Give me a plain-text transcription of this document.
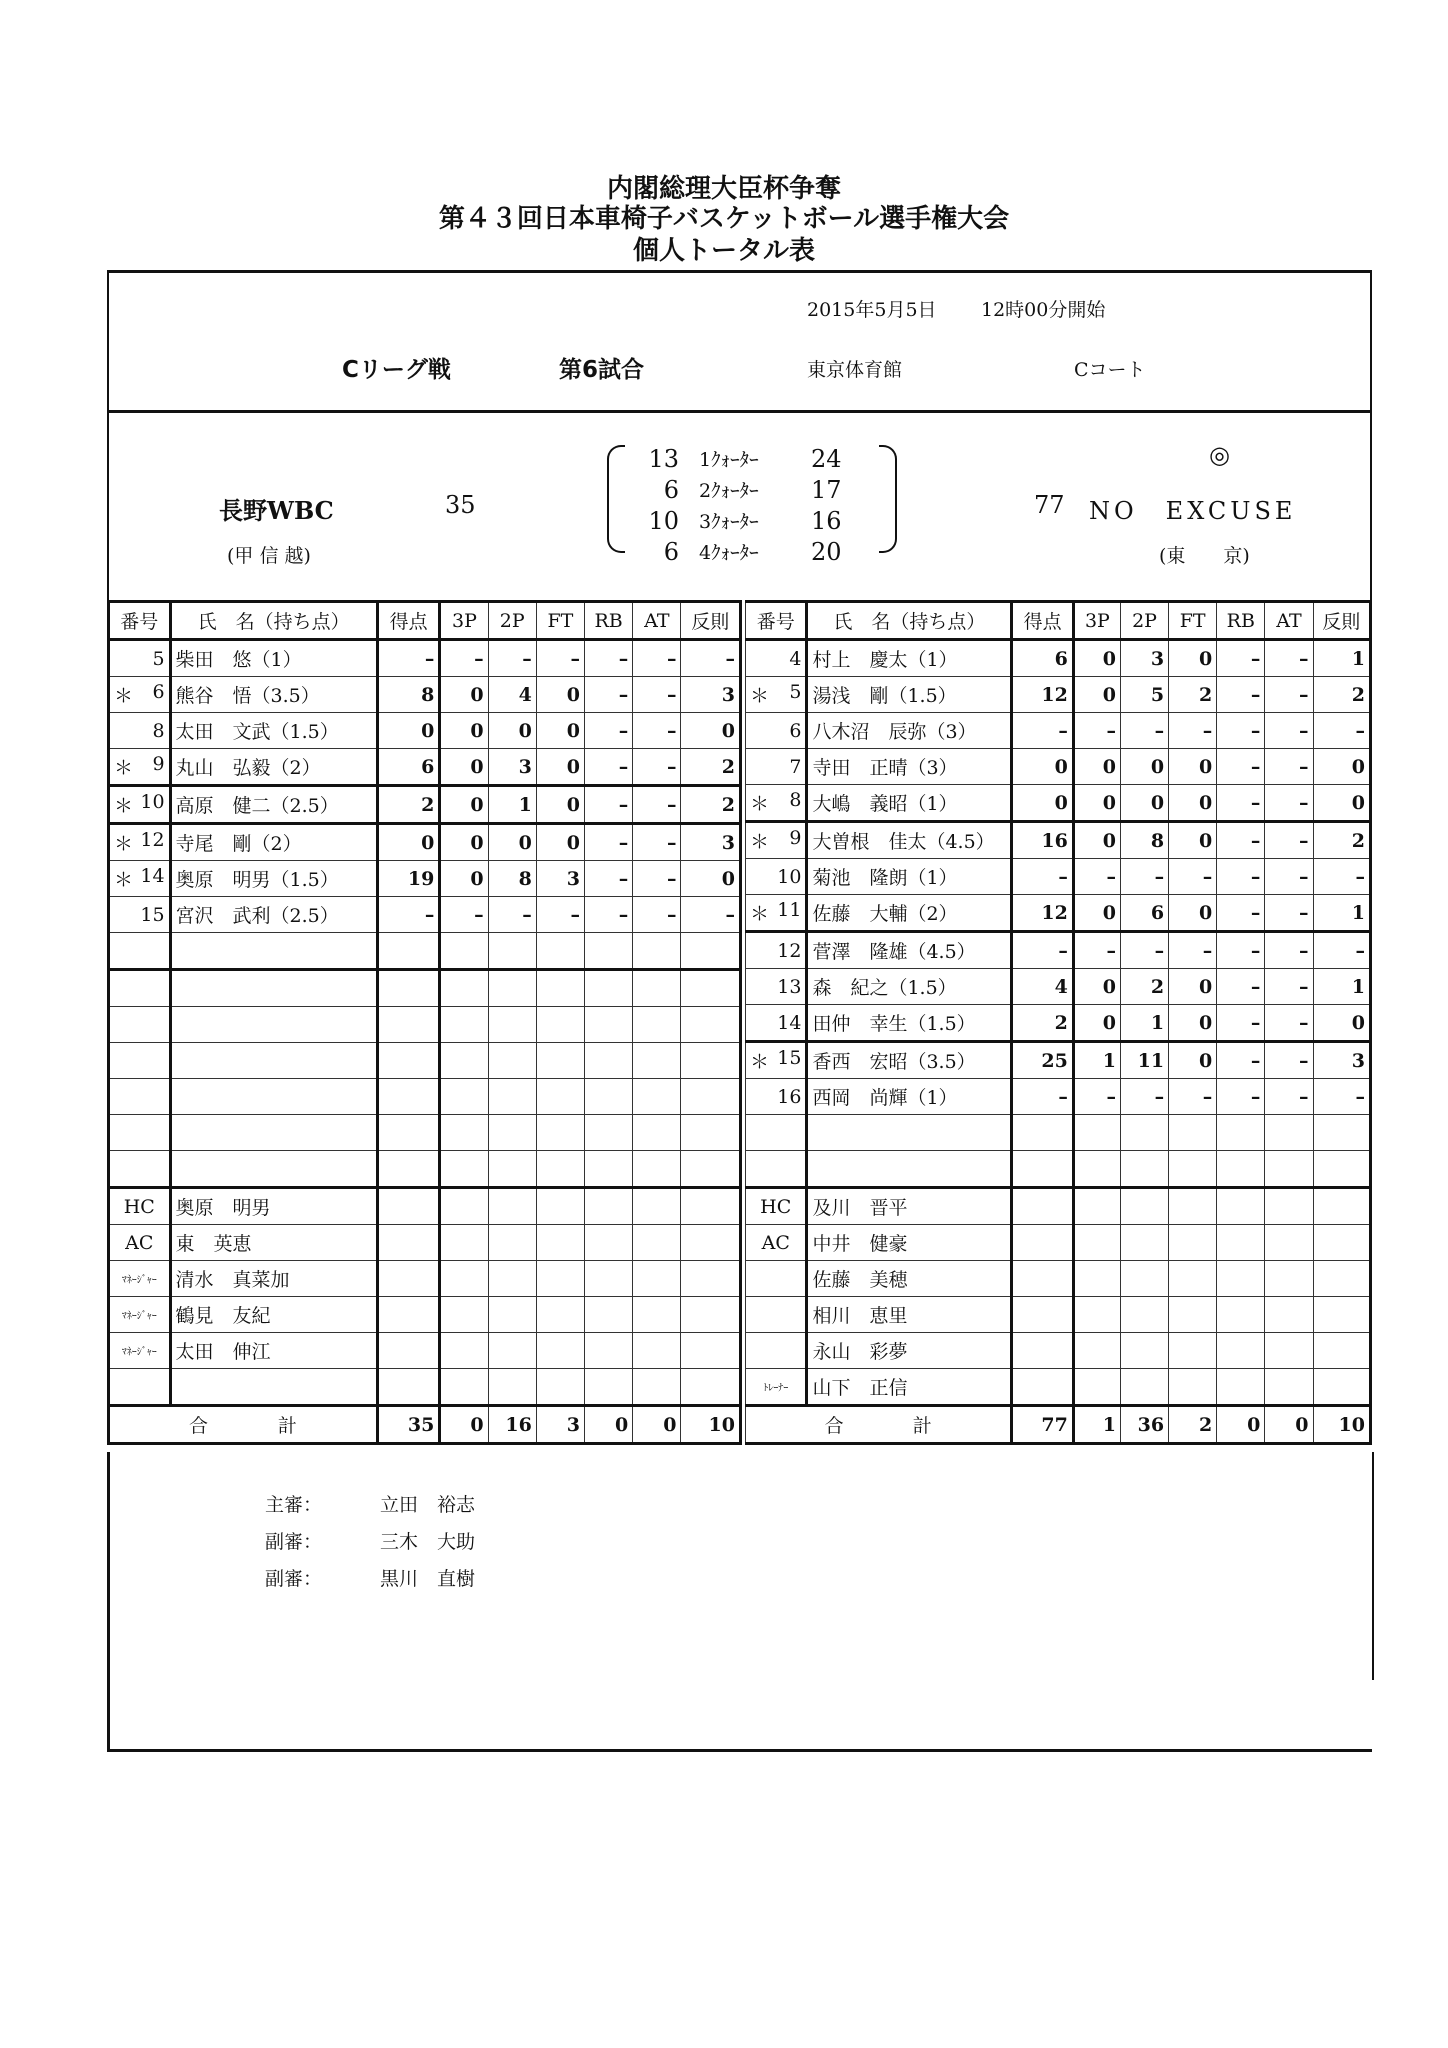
内閣総理大臣杯争奪
第４３回日本車椅子バスケットボール選手権大会
個人トータル表
2015年5月5日 12時00分開始
Cリーグ戦	第6試合	東京体育館	Cコート
長野WBC
(甲 信 越)
35
13 1ｸｫｰﾀｰ	24
6 2ｸｫｰﾀｰ	17
10 3ｸｫｰﾀｰ	16
6 4ｸｫｰﾀｰ	20
◎
77 NO　EXCUSE
(東　　京)
番号	氏　名（持ち点）	得点	3P	2P	FT	RB	AT	反則

5	柴田　悠（1）	–	–	–	–	–	–	–

＊ 6	熊谷　悟（3.5）	8	0	4	0	–	–	3

8	太田　文武（1.5）	0	0	0	0	–	–	0

＊ 9	丸山　弘毅（2）	6	0	3	0	–	–	2

＊ 10	高原　健二（2.5）	2	0	1	0	–	–	2

＊ 12	寺尾　剛（2）	0	0	0	0	–	–	3

＊ 14	奥原　明男（1.5）	19	0	8	3	–	–	0

15	宮沢　武利（2.5）	–	–	–	–	–	–	–

HC	奥原　明男							
AC	東　英恵							
ﾏﾈｰｼﾞｬｰ	清水　真菜加							
ﾏﾈｰｼﾞｬｰ	鶴見　友紀							
ﾏﾈｰｼﾞｬｰ	太田　伸江							

合 計		35	0	16	3	0	0	10
番号	氏　名（持ち点）	得点	3P	2P	FT	RB	AT	反則

4	村上　慶太（1）	6	0	3	0	–	–	1

＊ 5	湯浅　剛（1.5）	12	0	5	2	–	–	2

6	八木沼　辰弥（3）	–	–	–	–	–	–	–

7	寺田　正晴（3）	0	0	0	0	–	–	0

＊ 8	大嶋　義昭（1）	0	0	0	0	–	–	0

＊ 9	大曽根　佳太（4.5）	16	0	8	0	–	–	2

10	菊池　隆朗（1）	–	–	–	–	–	–	–

＊ 11	佐藤　大輔（2）	12	0	6	0	–	–	1

12	菅澤　隆雄（4.5）	–	–	–	–	–	–	–

13	森　紀之（1.5）	4	0	2	0	–	–	1

14	田仲　幸生（1.5）	2	0	1	0	–	–	0

＊ 15	香西　宏昭（3.5）	25	1	11	0	–	–	3

16	西岡　尚輝（1）	–	–	–	–	–	–	–

HC	及川　晋平							
AC	中井　健豪							
	佐藤　美穂							
	相川　恵里							
	永山　彩夢							
ﾄﾚｰﾅｰ	山下　正信							

合 計		77	1	36	2	0	0	10
主審：	立田　裕志
副審：	三木　大助
副審：	黒川　直樹
